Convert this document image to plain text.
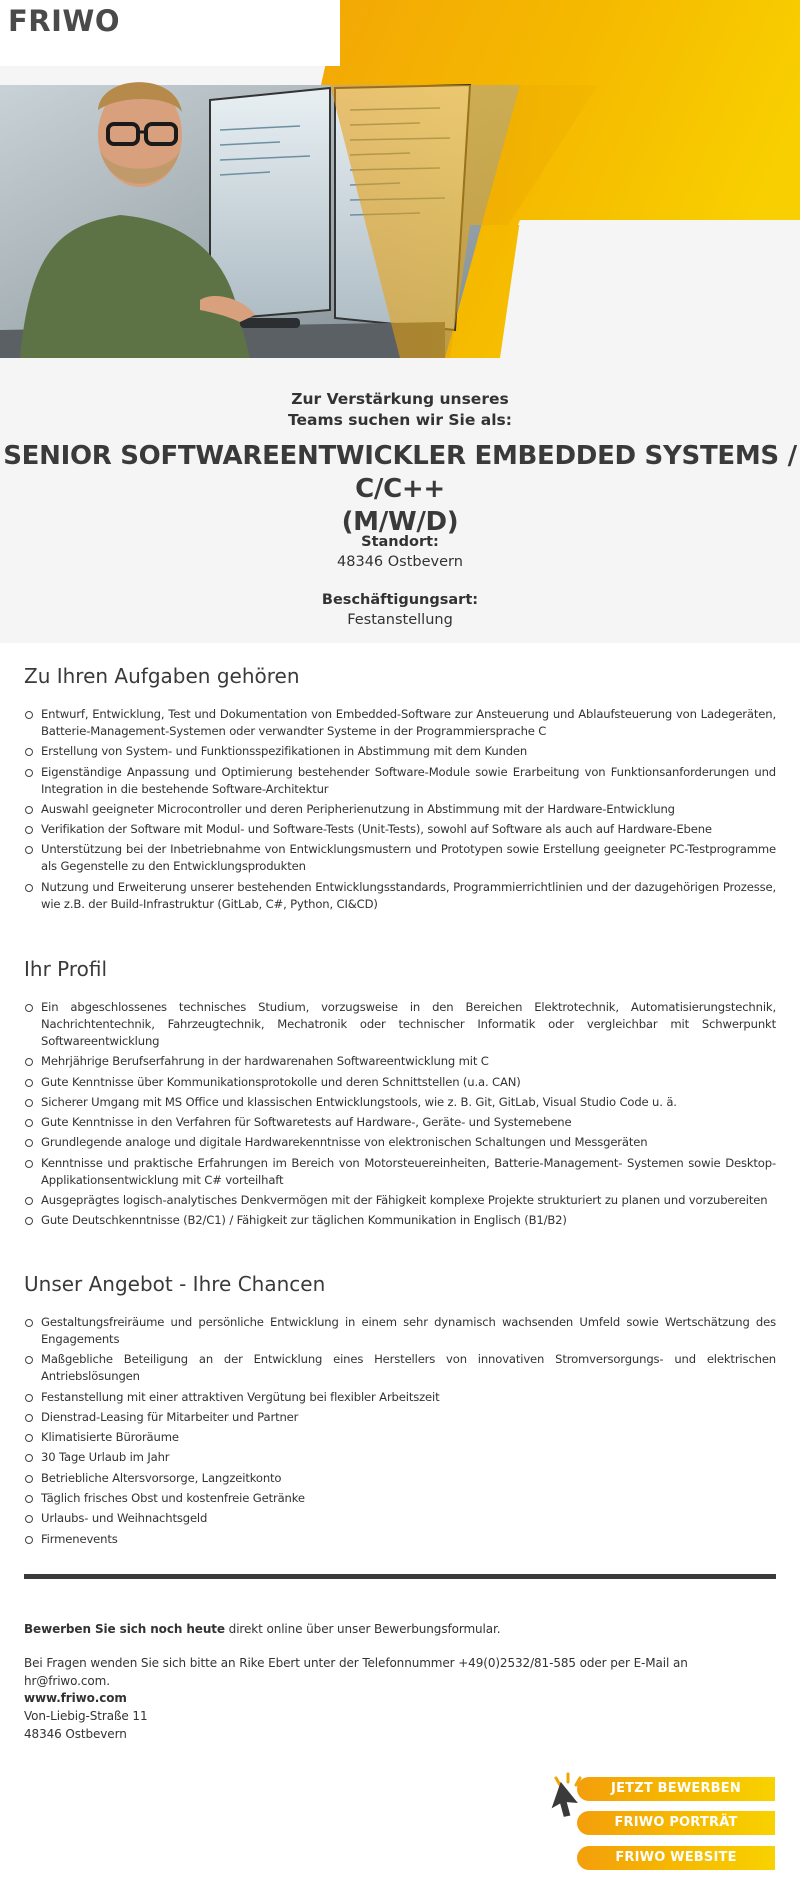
FRIWO
Zur Verstärkung unseres
Teams suchen wir Sie als:
SENIOR SOFTWAREENTWICKLER EMBEDDED SYSTEMS / C/C++
(M/W/D)
Standort:
48346 Ostbevern
Beschäftigungsart:
Festanstellung
Zu Ihren Aufgaben gehören
Entwurf, Entwicklung, Test und Dokumentation von Embedded-Software zur Ansteuerung und Ablaufsteuerung von Ladegeräten, Batterie-Management-Systemen oder verwandter Systeme in der Programmiersprache C
Erstellung von System- und Funktionsspezifikationen in Abstimmung mit dem Kunden
Eigenständige Anpassung und Optimierung bestehender Software-Module sowie Erarbeitung von Funktionsanforderungen und Integration in die bestehende Software-Architektur
Auswahl geeigneter Microcontroller und deren Peripherienutzung in Abstimmung mit der Hardware-Entwicklung
Verifikation der Software mit Modul- und Software-Tests (Unit-Tests), sowohl auf Software als auch auf Hardware-Ebene
Unterstützung bei der Inbetriebnahme von Entwicklungsmustern und Prototypen sowie Erstellung geeigneter PC-Testprogramme als Gegenstelle zu den Entwicklungsprodukten
Nutzung und Erweiterung unserer bestehenden Entwicklungsstandards, Programmierrichtlinien und der dazugehörigen Prozesse, wie z.B. der Build-Infrastruktur (GitLab, C#, Python, CI&CD)
Ihr Profil
Ein abgeschlossenes technisches Studium, vorzugsweise in den Bereichen Elektrotechnik, Automatisierungstechnik, Nachrichtentechnik, Fahrzeugtechnik, Mechatronik oder technischer Informatik oder vergleichbar mit Schwerpunkt Softwareentwicklung
Mehrjährige Berufserfahrung in der hardwarenahen Softwareentwicklung mit C
Gute Kenntnisse über Kommunikationsprotokolle und deren Schnittstellen (u.a. CAN)
Sicherer Umgang mit MS Office und klassischen Entwicklungstools, wie z. B. Git, GitLab, Visual Studio Code u. ä.
Gute Kenntnisse in den Verfahren für Softwaretests auf Hardware-, Geräte- und Systemebene
Grundlegende analoge und digitale Hardwarekenntnisse von elektronischen Schaltungen und Messgeräten
Kenntnisse und praktische Erfahrungen im Bereich von Motorsteuereinheiten, Batterie-Management- Systemen sowie Desktop-Applikationsentwicklung mit C# vorteilhaft
Ausgeprägtes logisch-analytisches Denkvermögen mit der Fähigkeit komplexe Projekte strukturiert zu planen und vorzubereiten
Gute Deutschkenntnisse (B2/C1) / Fähigkeit zur täglichen Kommunikation in Englisch (B1/B2)
Unser Angebot - Ihre Chancen
Gestaltungsfreiräume und persönliche Entwicklung in einem sehr dynamisch wachsenden Umfeld sowie Wertschätzung des Engagements
Maßgebliche Beteiligung an der Entwicklung eines Herstellers von innovativen Stromversorgungs- und elektrischen Antriebslösungen
Festanstellung mit einer attraktiven Vergütung bei flexibler Arbeitszeit
Dienstrad-Leasing für Mitarbeiter und Partner
Klimatisierte Büroräume
30 Tage Urlaub im Jahr
Betriebliche Altersvorsorge, Langzeitkonto
Täglich frisches Obst und kostenfreie Getränke
Urlaubs- und Weihnachtsgeld
Firmenevents

Bewerben Sie sich noch heute direkt online über unser Bewerbungsformular.

Bei Fragen wenden Sie sich bitte an Rike Ebert unter der Telefonnummer +49(0)2532/81-585 oder per E-Mail an hr@friwo.com.

www.friwo.com
Von-Liebig-Straße 11
48346 Ostbevern
JETZT BEWERBEN
FRIWO PORTRÄT
FRIWO WEBSITE
